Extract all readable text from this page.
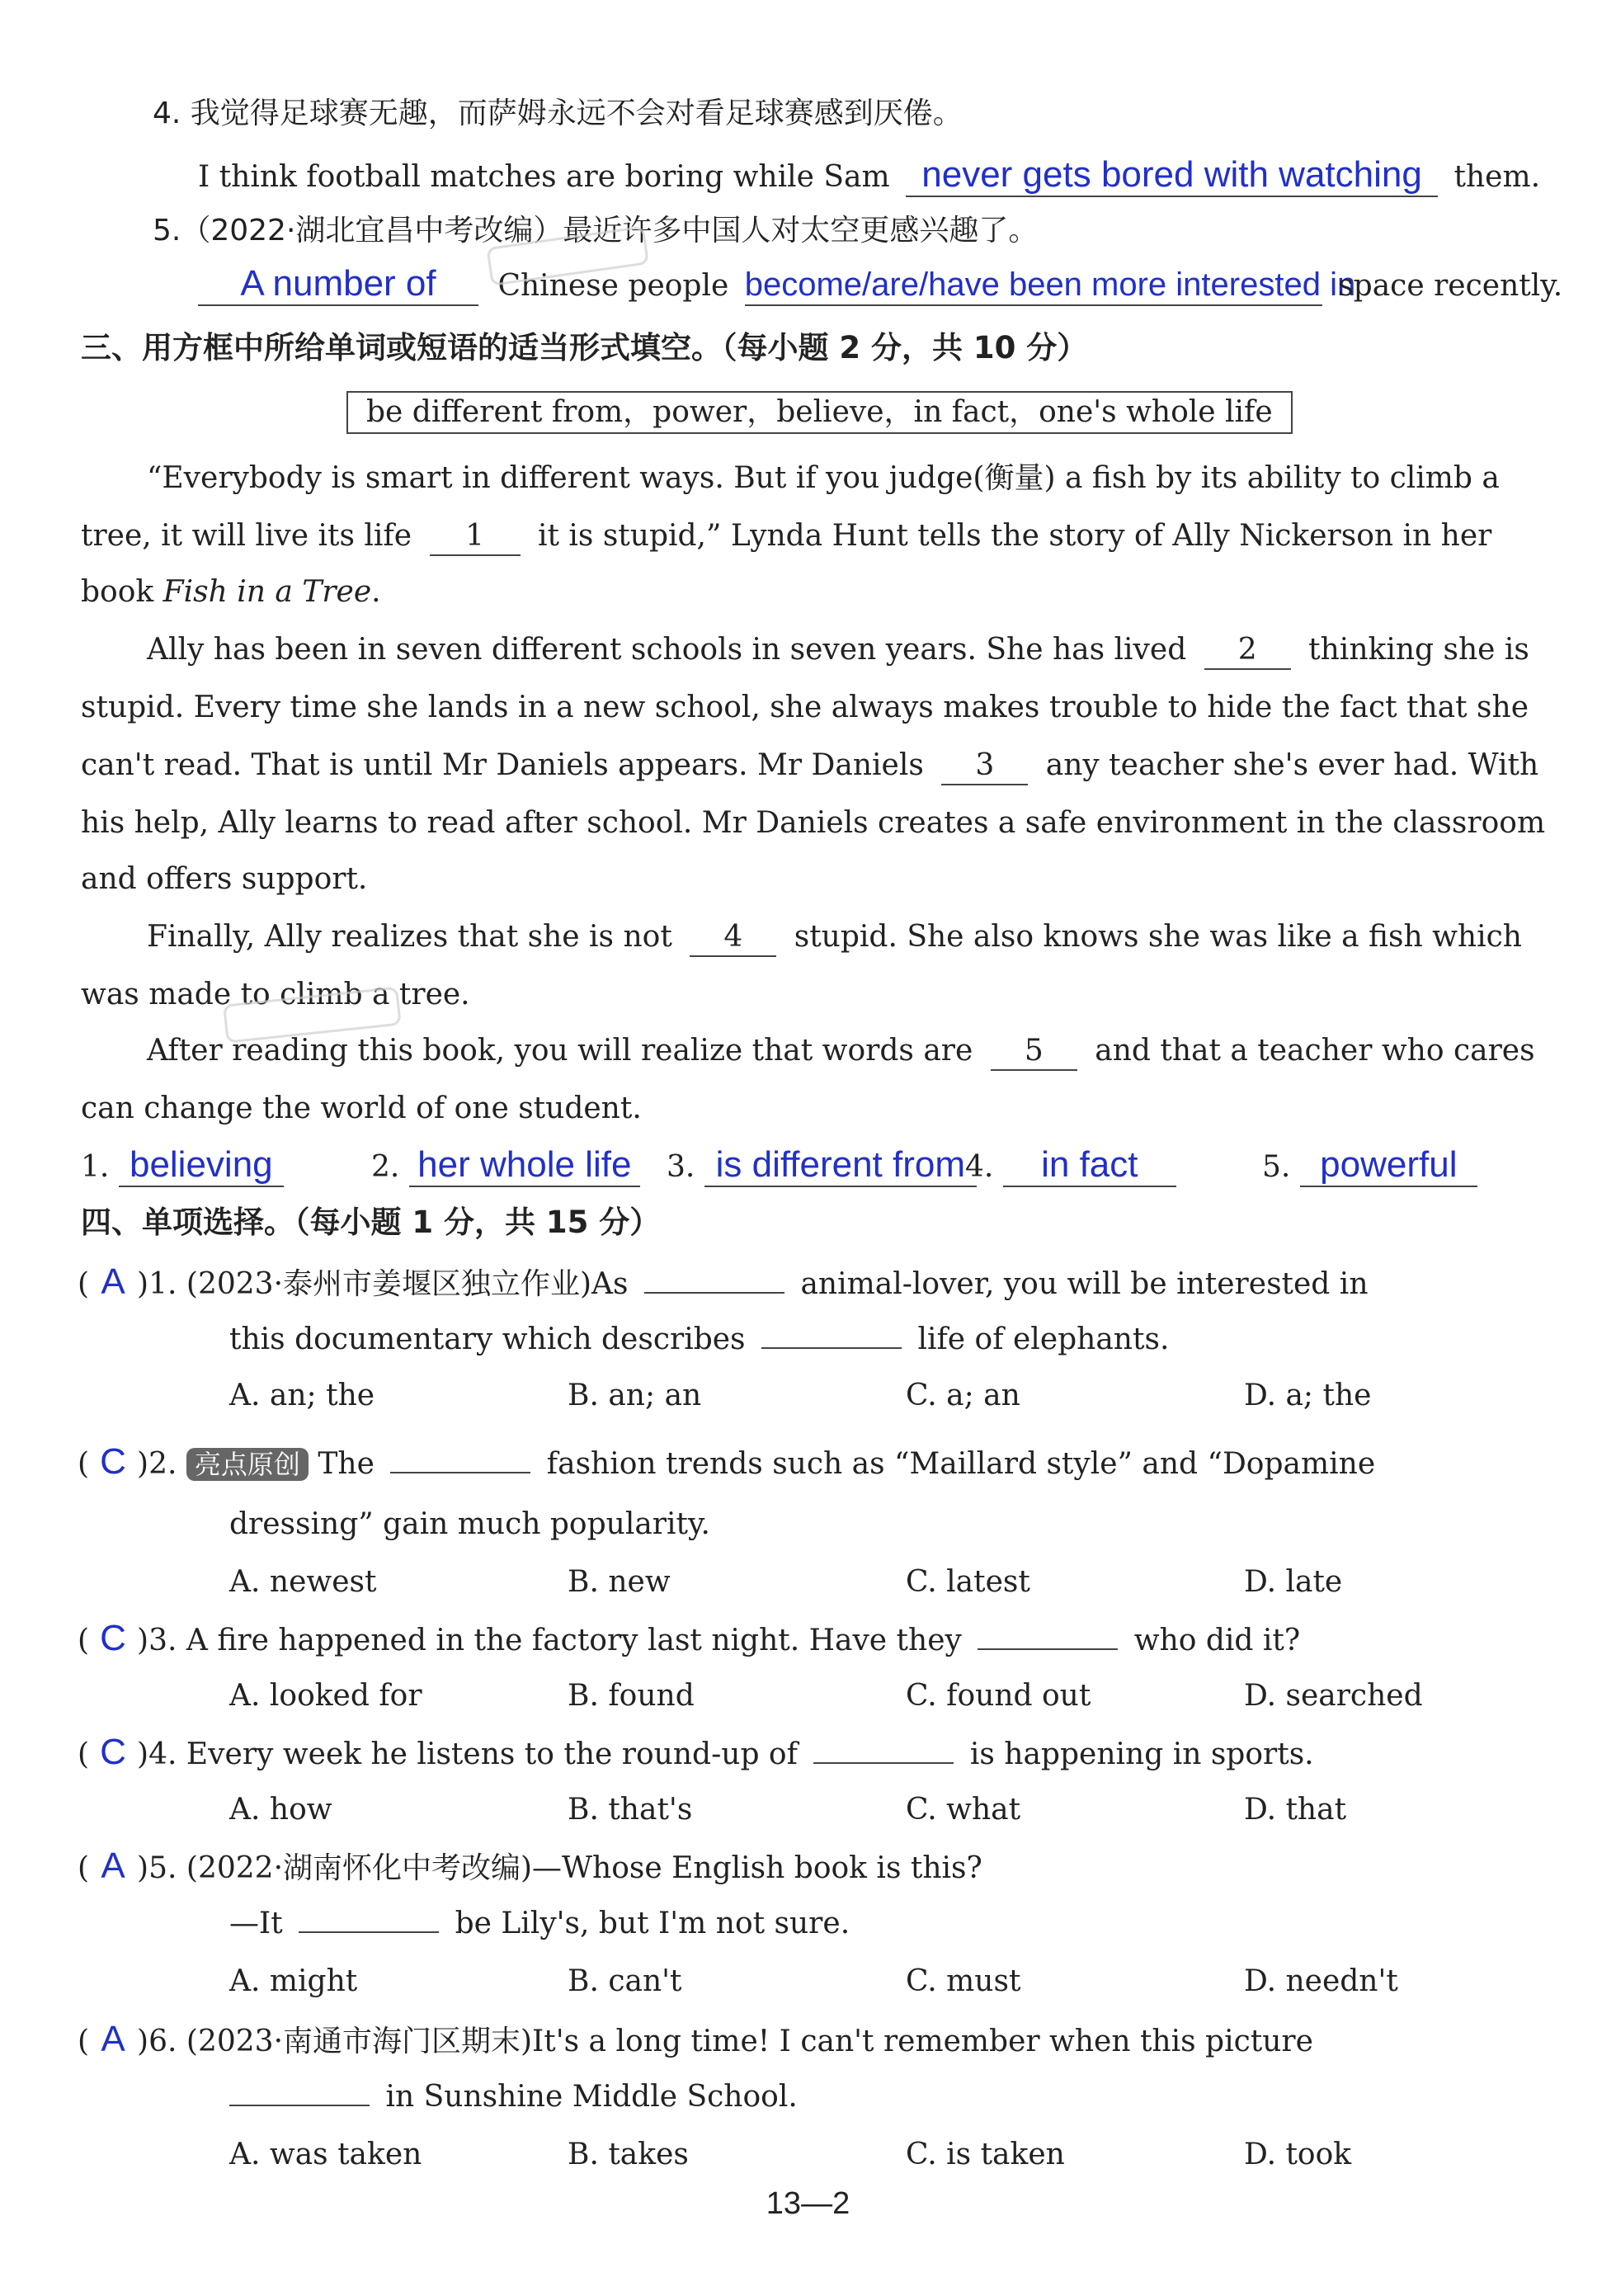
4. 我觉得足球赛无趣，而萨姆永远不会对看足球赛感到厌倦。
I think football matches are boring while Sam never gets bored with watching them.
5.（2022·湖北宜昌中考改编）最近许多中国人对太空更感兴趣了。
A number of Chinese people become/are/have been more interested in space recently.
三、用方框中所给单词或短语的适当形式填空。（每小题 2 分，共 10 分）
be different from，power，believe，in fact，one's whole life
“Everybody is smart in different ways. But if you judge(衡量) a fish by its ability to climb a
tree, it will live its life 1 it is stupid,” Lynda Hunt tells the story of Ally Nickerson in her
book Fish in a Tree.
Ally has been in seven different schools in seven years. She has lived 2 thinking she is
stupid. Every time she lands in a new school, she always makes trouble to hide the fact that she
can't read. That is until Mr Daniels appears. Mr Daniels 3 any teacher she's ever had. With
his help, Ally learns to read after school. Mr Daniels creates a safe environment in the classroom
and offers support.
Finally, Ally realizes that she is not 4 stupid. She also knows she was like a fish which
was made to climb a tree.
After reading this book, you will realize that words are 5 and that a teacher who cares
can change the world of one student.
1. believing	2. her whole life 3. is different from 4. in fact	5. powerful
四、单项选择。（每小题 1 分，共 15 分）
( A )1. (2023·泰州市姜堰区独立作业)As	animal-lover, you will be interested in
this documentary which describes	life of elephants.
A. an; the	B. an; an	C. a; an	D. a; the
( C )2. 亮点原创 The	fashion trends such as “Maillard style” and “Dopamine
dressing” gain much popularity.
A. newest	B. new	C. latest	D. late
( C )3. A fire happened in the factory last night. Have they	who did it?
A. looked for	B. found	C. found out	D. searched
( C )4. Every week he listens to the round-up of	is happening in sports.
A. how	B. that's	C. what	D. that
( A )5. (2022·湖南怀化中考改编)—Whose English book is this?
—It	be Lily's, but I'm not sure.
A. might	B. can't	C. must	D. needn't
( A )6. (2023·南通市海门区期末)It's a long time! I can't remember when this picture
in Sunshine Middle School.
A. was taken	B. takes	C. is taken	D. took
13—2
